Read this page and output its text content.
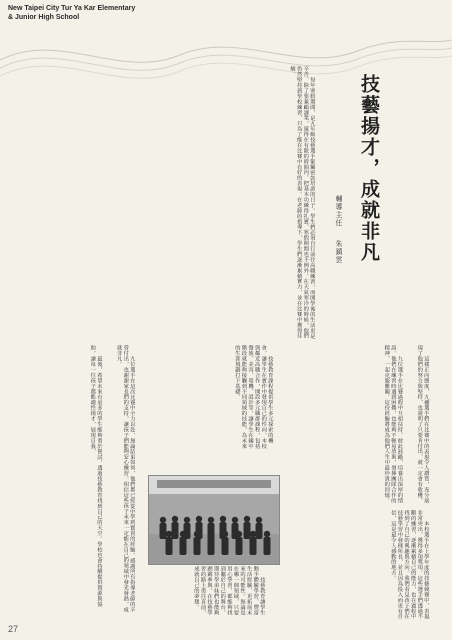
New Taipei City Tur Ya Kar Elementary
& Junior High School
技藝揚才，成就非凡
輔導主任 朱鎮雲

每年寒假期間，是九年級技藝選手緊鑼密鼓培訓的日子。學生們必須自行前往高職練習，而開學後的生活更是辛苦，除了要兼顧課業，還得在有限的時間內，把基本功練得扎實，寒假期間也不例外。在天氣寒冷的時候，他們仍然堅持到學校練習，只為了能在比賽中有好的表現。在老師的指導下，學生們逐漸累積實力，並在比賽中獲得佳績。

技藝教育課程提供學生多元探索的機會，讓學生在實作中發現自己的性向。本校與鄰近高職合作，開設多元職群課程，包括餐旅、美容、電機、設計等，讓學生在國中階段就能夠接觸到不同領域的技能，為未來的生涯規劃打下基礎。

九位選手在這次比賽中全力以赴，無論結果如何，他們都已經從中學到寶貴的經驗。感謝所有指導老師的辛勞付出，也謝謝家長們的支持，讓孩子們能夠安心練習。相信這些孩子未來一定能在自己的領域中發光發熱，成就非凡。

最後，希望未來有更多的學生能夠勇於嘗試，透過技藝教育找到自己的天空。學校也會持續提供資源與協助，讓每一位孩子都能適性揚才，展現自我。

	這樣正向態度，九樓選手們在比賽中的表現令人讚賞，充分展現了他們的努力與堅持，也證明了只要肯付出，就一定會有收穫。

九位選手在比賽過程中互相扶持、彼此鼓勵，培養出深厚的情誼。他們在練習時遇到困難，也能夠不輕易放棄，發揮團隊合作的精神，一起克服難關。這份經驗將成為他們人生中最珍貴的回憶。

本校選手在上學年度的技藝競賽中，表現非常突出，獲得多項獎項。這些選手們透過不斷的練習，逐漸累積自己的能力，也在過程中找到了自己的興趣與方向。我們看見孩子們在技藝學習中發揮所長，並且因為投入而更有自信，這是最令人感動的地方。

技藝教育讓學生動手體驗學習，豐富生活經驗，更拓展未來的可能性。無論是在哪一個領域，只要用心學習，都能夠找到屬於自己的舞台。期待學弟妹們也能夠踴躍參與，在技藝學習的路上勇往直前，成就自己的夢想。

27
